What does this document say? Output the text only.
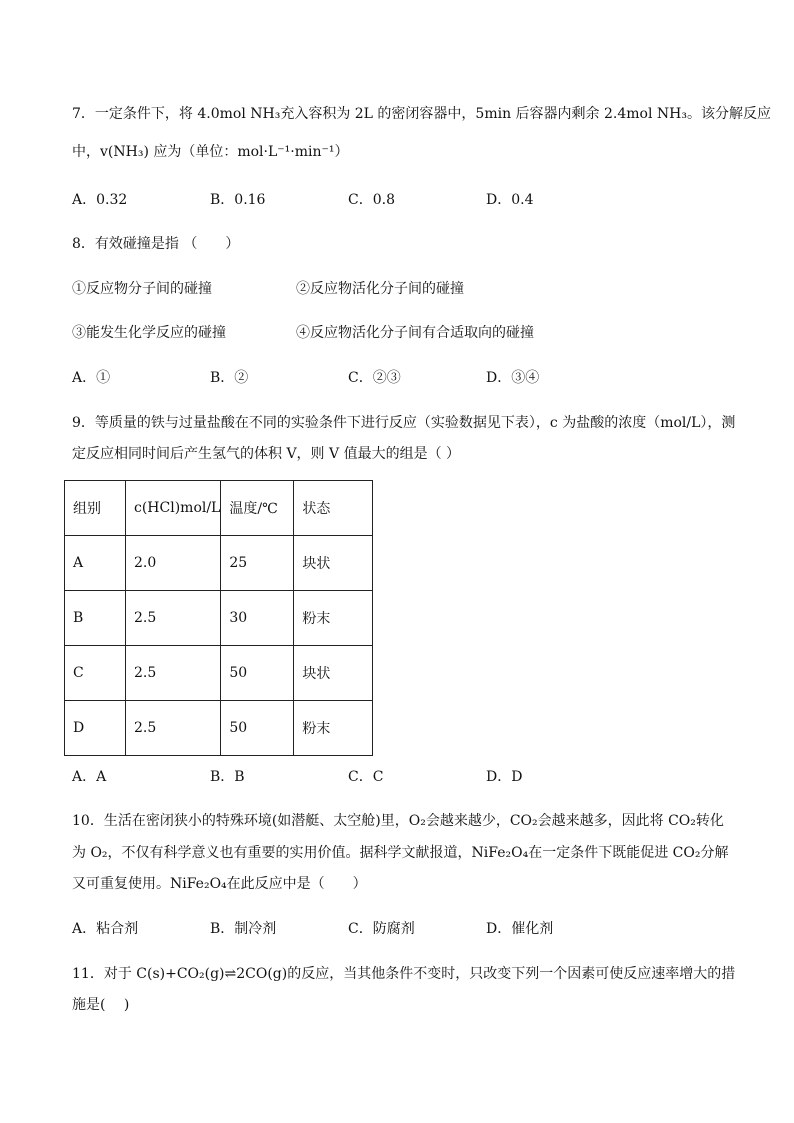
7．一定条件下，将 4.0mol NH₃充入容积为 2L 的密闭容器中，5min 后容器内剩余 2.4mol NH₃。该分解反应
中，v(NH₃) 应为（单位：mol·L⁻¹·min⁻¹）
A．0.32	B．0.16	C．0.8	D．0.4
8．有效碰撞是指 （　　）
①反应物分子间的碰撞	②反应物活化分子间的碰撞
③能发生化学反应的碰撞	④反应物活化分子间有合适取向的碰撞
A．①	B．②	C．②③	D．③④
9．等质量的铁与过量盐酸在不同的实验条件下进行反应（实验数据见下表），c 为盐酸的浓度（mol/L），测
定反应相同时间后产生氢气的体积 V，则 V 值最大的组是（ ）
组别	c(HCl)mol/L	温度/℃	状态
A	2.0	25	块状
B	2.5	30	粉末
C	2.5	50	块状
D	2.5	50	粉末
A．A	B．B	C．C	D．D
10．生活在密闭狭小的特殊环境(如潜艇、太空舱)里，O₂会越来越少，CO₂会越来越多，因此将 CO₂转化
为 O₂，不仅有科学意义也有重要的实用价值。据科学文献报道，NiFe₂O₄在一定条件下既能促进 CO₂分解
又可重复使用。NiFe₂O₄在此反应中是（　　）
A．粘合剂	B．制冷剂	C．防腐剂	D．催化剂
11．对于 C(s)+CO₂(g)⇌2CO(g)的反应，当其他条件不变时，只改变下列一个因素可使反应速率增大的措
施是(　 )
